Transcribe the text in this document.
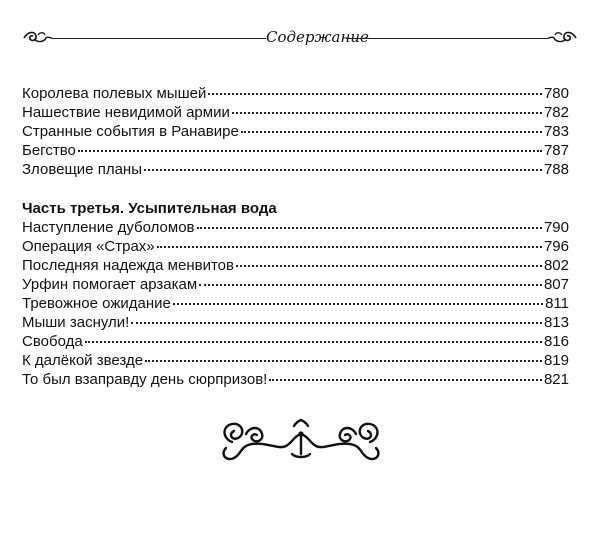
Содержание
Королева полевых мышей	780
Нашествие невидимой армии	782
Странные события в Ранавире	783
Бегство	787
Зловещие планы	788
Часть третья. Усыпительная вода
Наступление дуболомов	790
Операция «Страх»	796
Последняя надежда менвитов	802
Урфин помогает арзакам	807
Тревожное ожидание	811
Мыши заснули!	813
Свобода	816
К далёкой звезде	819
То был взаправду день сюрпризов!	821
